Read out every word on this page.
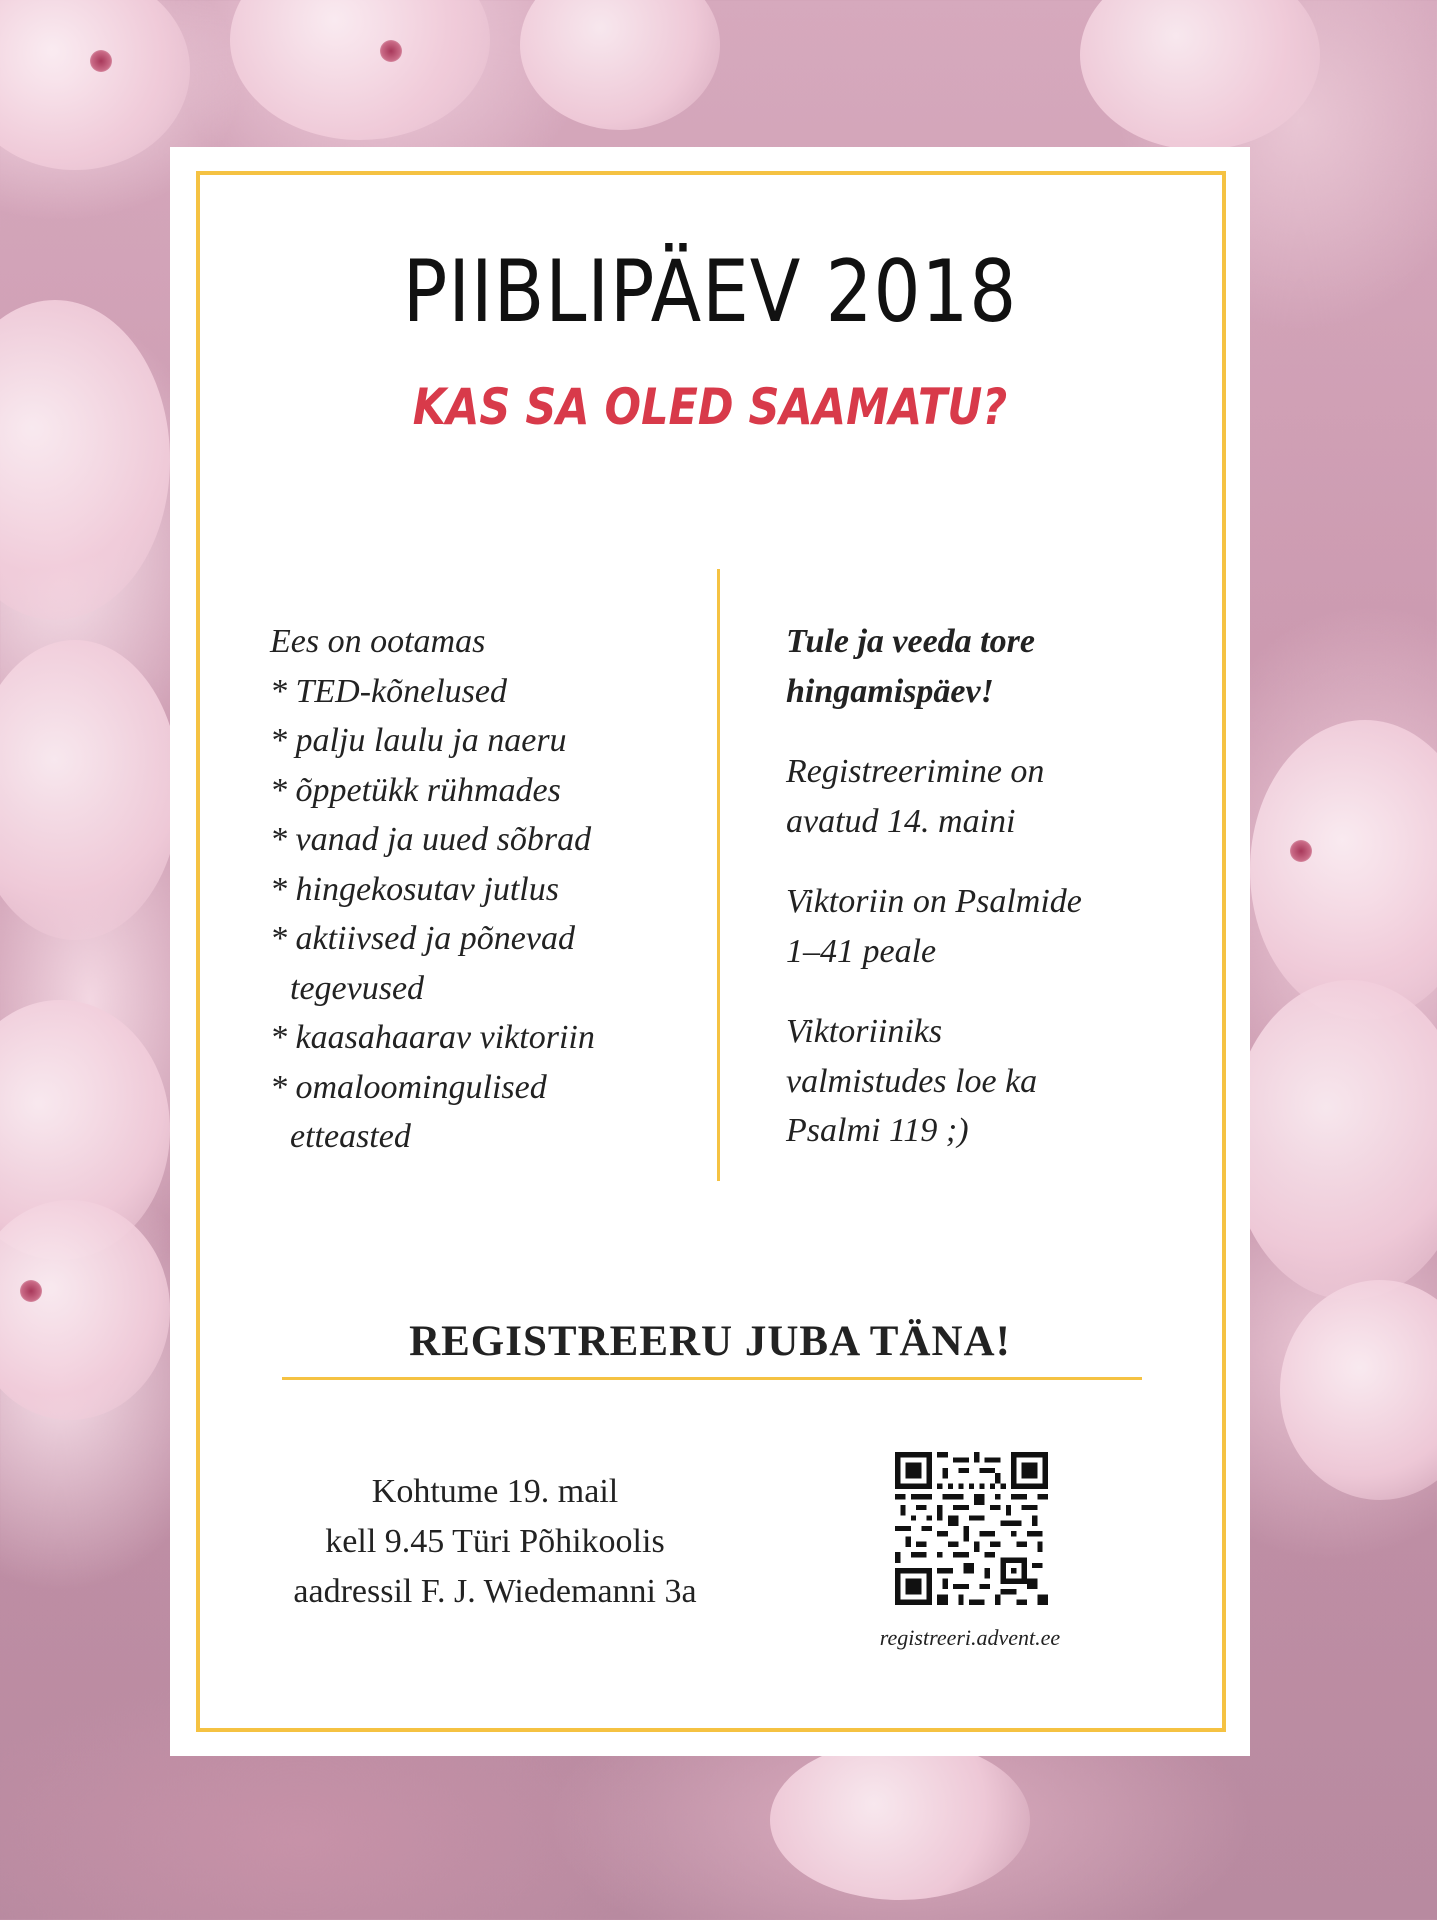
PIIBLIPÄEV 2018
KAS SA OLED SAAMATU?
Ees on ootamas
* TED-kõnelused
* palju laulu ja naeru
* õppetükk rühmades
* vanad ja uued sõbrad
* hingekosutav jutlus
* aktiivsed ja põnevad
tegevused
* kaasahaarav viktoriin
* omaloomingulised
etteasted

Tule ja veeda tore
hingamispäev!

Registreerimine on
avatud 14. maini

Viktoriin on Psalmide
1–41 peale

Viktoriiniks
valmistudes loe ka
Psalmi 119 ;)

REGISTREERU JUBA TÄNA!
Kohtume 19. mail
kell 9.45 Türi Põhikoolis
aadressil F. J. Wiedemanni 3a
registreeri.advent.ee
